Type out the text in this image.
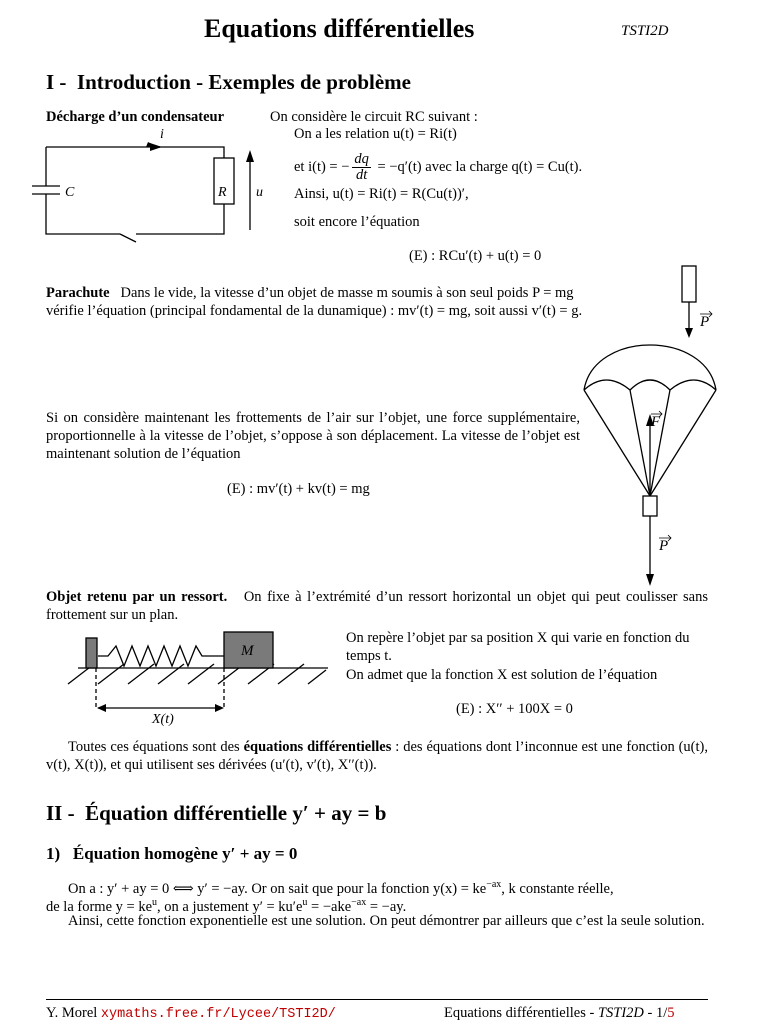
Equations différentielles	TSTI2D
I -  Introduction - Exemples de problème
Décharge d’un condensateur	On considère le circuit RC suivant :
On a les relation u(t) = Ri(t)
et i(t) = − $\frac{dq}{dt} = -q'(t)$ avec la charge q(t) = Cu(t).
Ainsi, u(t) = Ri(t) = R(Cu(t))′,
soit encore l’équation
(E) : RCu′(t) + u(t) = 0
i
C	R u
Parachute Dans le vide, la vitesse d’un objet de masse m soumis à son seul poids P = mg
vérifie l’équation (principal fondamental de la dunamique) : mv′(t) = mg, soit aussi v′(t) = g.
Si on considère maintenant les frottements de l’air sur l’objet, une force supplémentaire, proportionnelle à la vitesse de l’objet, s’oppose à son déplacement. La vitesse de l’objet est maintenant solution de l’équation
(E) : mv′(t) + kv(t) = mg
P
F
P
Objet retenu par un ressort. On fixe à l’extrémité d’un ressort horizontal un objet qui peut coulisser sans frottement sur un plan.
On repère l’objet par sa position X qui varie en fonction du temps t.
On admet que la fonction X est solution de l’équation
(E) : X′′ + 100X = 0
M
X(t)
Toutes ces équations sont des équations différentielles : des équations dont l’inconnue est une fonction (u(t), v(t), X(t)), et qui utilisent ses dérivées (u′(t), v′(t), X′′(t)).
II -  Équation différentielle y′ + ay = b
1)   Équation homogène y′ + ay = 0
On a : y′ + ay = 0 ⟺ y′ = −ay. Or on sait que pour la fonction $y(x) = ke^{-ax}$, k constante réelle,
de la forme $y = ke^u$, on a justement $y' = ku'e^u = -ake^{-ax} = -ay$.
Ainsi, cette fonction exponentielle est une solution. On peut démontrer par ailleurs que c’est la seule solution.
Y. Morel xymaths.free.fr/Lycee/TSTI2D/	Equations différentielles - TSTI2D - 1/5
